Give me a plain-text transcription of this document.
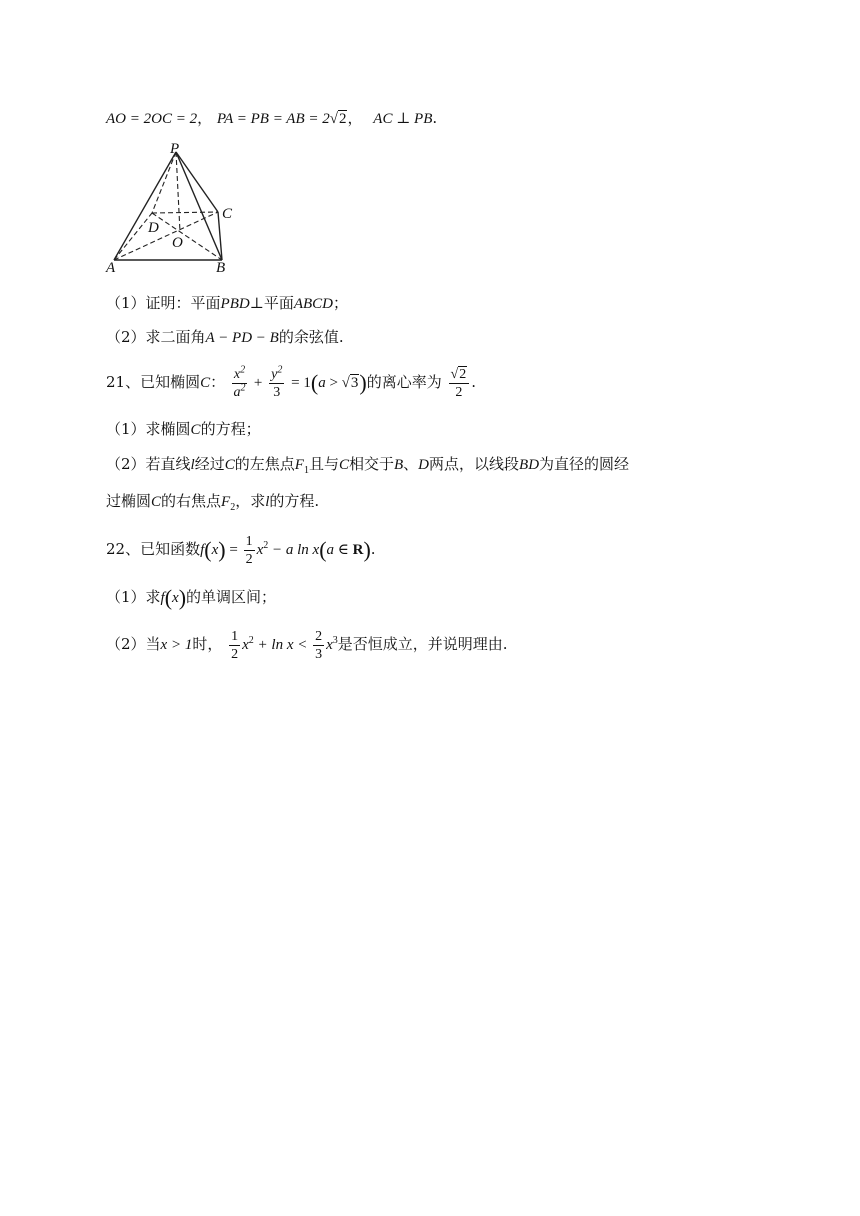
AO = 2OC = 2， PA = PB = AB = 2√2， AC ⊥ PB.
P
C
D
O
A	B
（1）证明：平面PBD⊥平面ABCD；
（2）求二面角A − PD − B的余弦值.
21、已知椭圆C： $\frac{x^2}{a^2} + \frac{y^2}{3} = 1(a > √3)$的离心率为 $\frac{√2}{2}$ .
（1）求椭圆C的方程；
（2）若直线l经过C的左焦点$F_1$且与C相交于B、D两点，以线段BD为直径的圆经
过椭圆C的右焦点$F_2$，求l的方程.
22、已知函数$f(x) = \frac{1}{2} x^2 - a$ ln x(a ∈ R).
（1）求f(x)的单调区间；
（2）当x > 1时， $\frac{1}{2} x^2 + \ln x < \frac{2}{3} x^3$是否恒成立，并说明理由.
